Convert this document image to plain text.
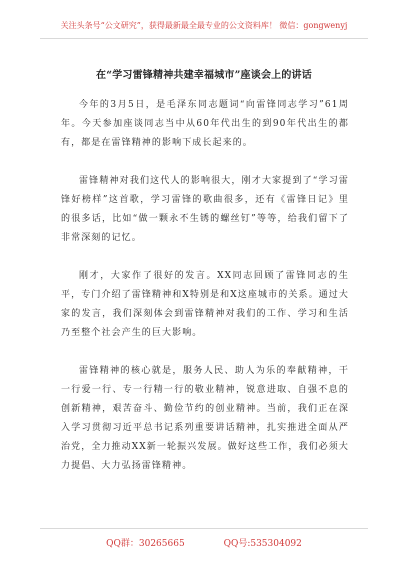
关注头条号“公文研究”，获得最新最全最专业的公文资料库！ 微信：gongwenyj
在“学习雷锋精神共建幸福城市”座谈会上的讲话

今年的3月5日，是毛泽东同志题词“向雷锋同志学习”61周年。今天参加座谈同志当中从60年代出生的到90年代出生的都有，都是在雷锋精神的影响下成长起来的。

雷锋精神对我们这代人的影响很大，刚才大家提到了“学习雷锋好榜样”这首歌，学习雷锋的歌曲很多，还有《雷锋日记》里的很多话，比如“做一颗永不生锈的螺丝钉”等等，给我们留下了非常深刻的记忆。

刚才，大家作了很好的发言。XX同志回顾了雷锋同志的生平，专门介绍了雷锋精神和X特别是和X这座城市的关系。通过大家的发言，我们深刻体会到雷锋精神对我们的工作、学习和生活乃至整个社会产生的巨大影响。

雷锋精神的核心就是，服务人民、助人为乐的奉献精神，干一行爱一行、专一行精一行的敬业精神，锐意进取、自强不息的创新精神，艰苦奋斗、勤俭节约的创业精神。当前，我们正在深入学习贯彻习近平总书记系列重要讲话精神，扎实推进全面从严治党，全力推动XX新一轮振兴发展。做好这些工作，我们必须大力提倡、大力弘扬雷锋精神。

QQ群：30265665	QQ号:535304092
